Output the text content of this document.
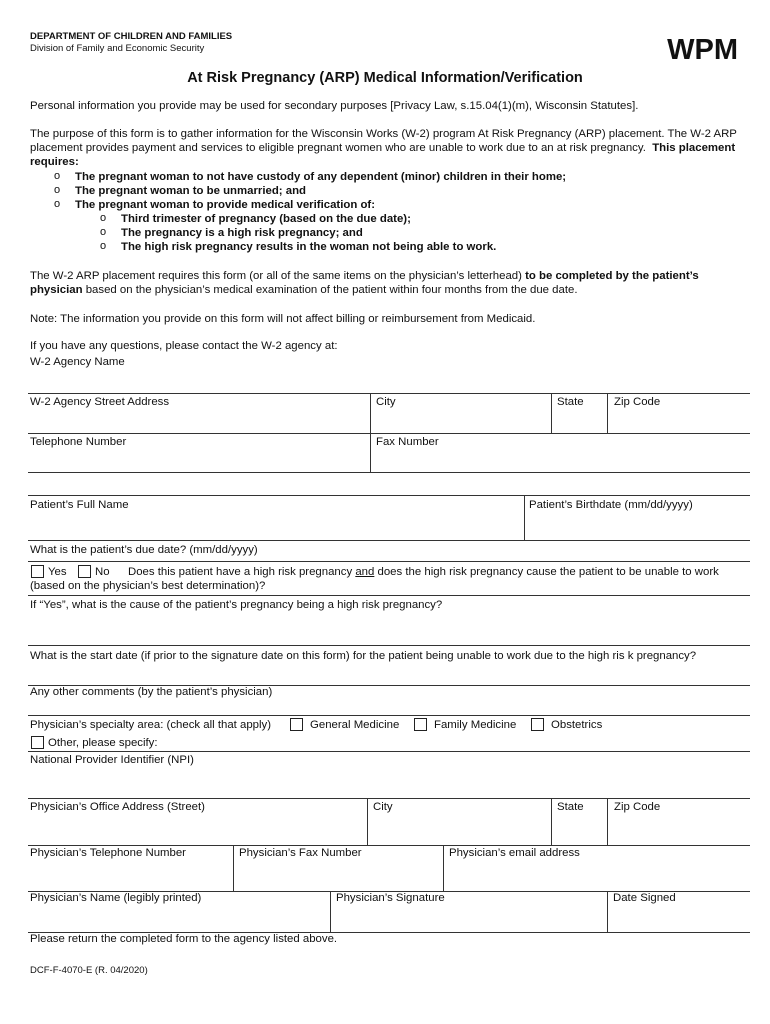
DEPARTMENT OF CHILDREN AND FAMILIES
Division of Family and Economic Security	WPM
At Risk Pregnancy (ARP) Medical Information/Verification
Personal information you provide may be used for secondary purposes [Privacy Law, s.15.04(1)(m), Wisconsin Statutes].
The purpose of this form is to gather information for the Wisconsin Works (W-2) program At Risk Pregnancy (ARP) placement. The W-2 ARP placement provides payment and services to eligible pregnant women who are unable to work due to an at risk pregnancy. This placement requires:
o The pregnant woman to not have custody of any dependent (minor) children in their home;
o The pregnant woman to be unmarried; and
o The pregnant woman to provide medical verification of:
o Third trimester of pregnancy (based on the due date);
o The pregnancy is a high risk pregnancy; and
o The high risk pregnancy results in the woman not being able to work.
The W-2 ARP placement requires this form (or all of the same items on the physician’s letterhead) to be completed by the patient’s physician based on the physician’s medical examination of the patient within four months from the due date.
Note: The information you provide on this form will not affect billing or reimbursement from Medicaid.
If you have any questions, please contact the W-2 agency at:
W-2 Agency Name
W-2 Agency Street Address	City	State	Zip Code
Telephone Number	Fax Number
Patient’s Full Name	Patient’s Birthdate (mm/dd/yyyy)
What is the patient’s due date? (mm/dd/yyyy)
Yes No Does this patient have a high risk pregnancy and does the high risk pregnancy cause the patient to be unable to work
(based on the physician’s best determination)?
If “Yes”, what is the cause of the patient’s pregnancy being a high risk pregnancy?
What is the start date (if prior to the signature date on this form) for the patient being unable to work due to the high ris k pregnancy?
Any other comments (by the patient’s physician)
Physician’s specialty area: (check all that apply)	General Medicine	Family Medicine	Obstetrics
Other, please specify:
National Provider Identifier (NPI)
Physician’s Office Address (Street)	City	State	Zip Code
Physician’s Telephone Number	Physician’s Fax Number	Physician’s email address
Physician’s Name (legibly printed)	Physician’s Signature	Date Signed
Please return the completed form to the agency listed above.
DCF-F-4070-E (R. 04/2020)
